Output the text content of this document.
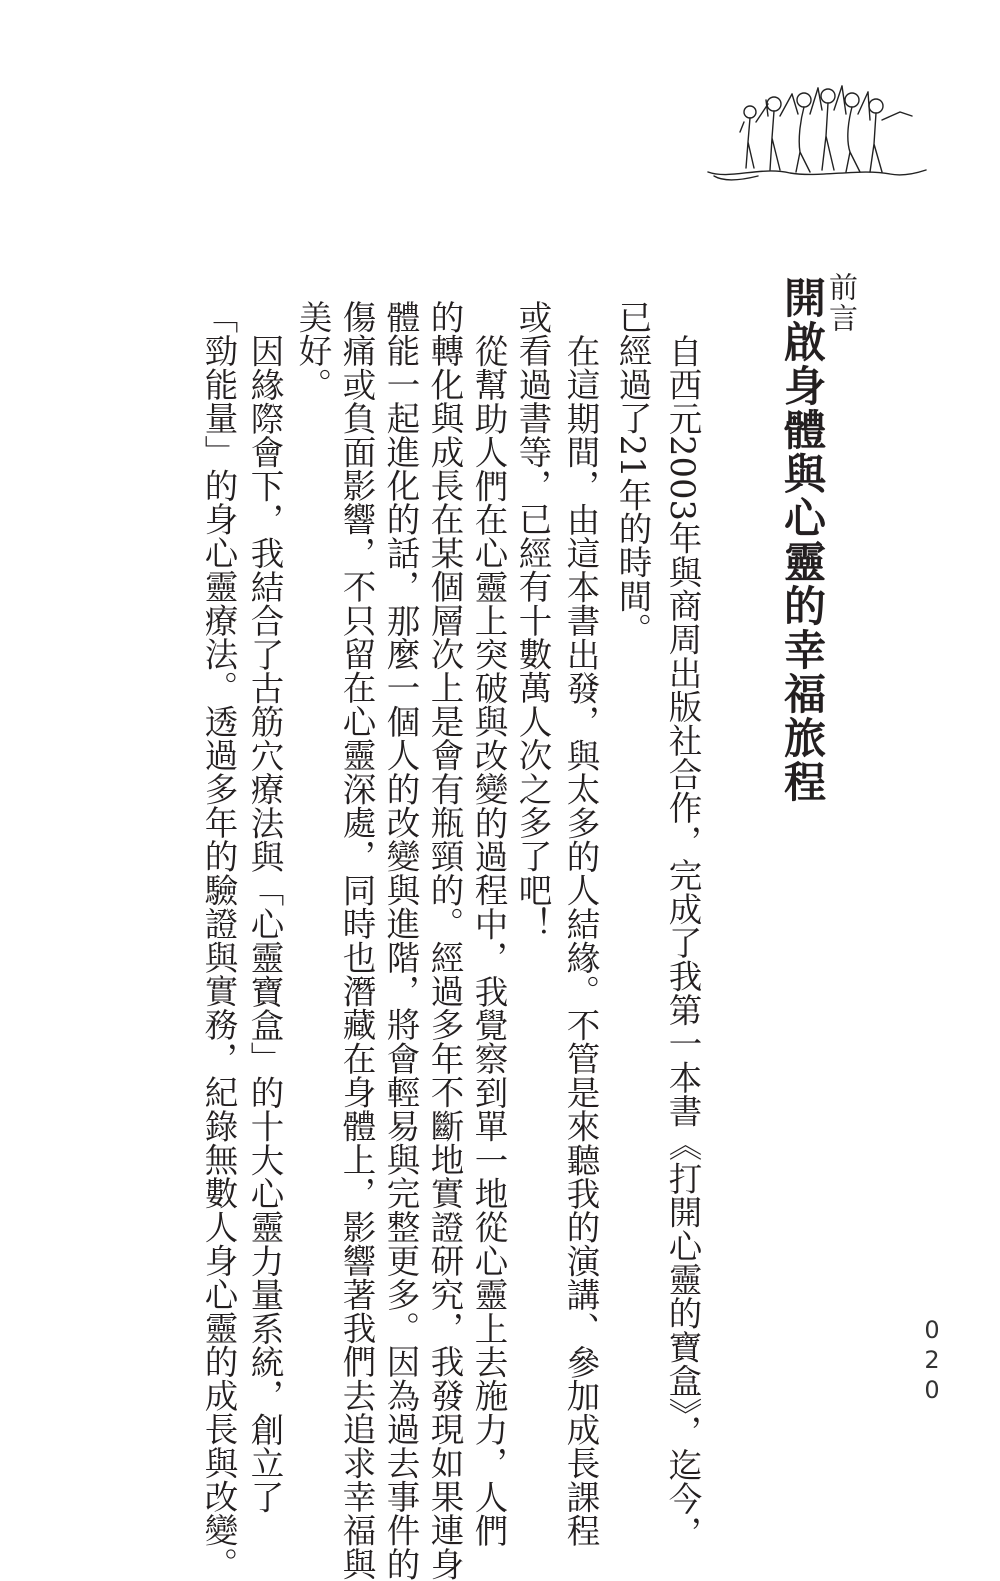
前言
開啟身體與心靈的幸福旅程
自西元2003年與商周出版社合作，完成了我第一本書《打開心靈的寶盒》，迄今，
已經過了21年的時間。
在這期間，由這本書出發，與太多的人結緣。不管是來聽我的演講、參加成長課程
或看過書等，已經有十數萬人次之多了吧！
從幫助人們在心靈上突破與改變的過程中，我覺察到單一地從心靈上去施力，人們
的轉化與成長在某個層次上是會有瓶頸的。經過多年不斷地實證研究，我發現如果連身
體能一起進化的話，那麼一個人的改變與進階，將會輕易與完整更多。因為過去事件的
傷痛或負面影響，不只留在心靈深處，同時也潛藏在身體上，影響著我們去追求幸福與
美好。
因緣際會下，我結合了古筋穴療法與「心靈寶盒」的十大心靈力量系統，創立了
「勁能量」的身心靈療法。透過多年的驗證與實務，紀錄無數人身心靈的成長與改變。	020
